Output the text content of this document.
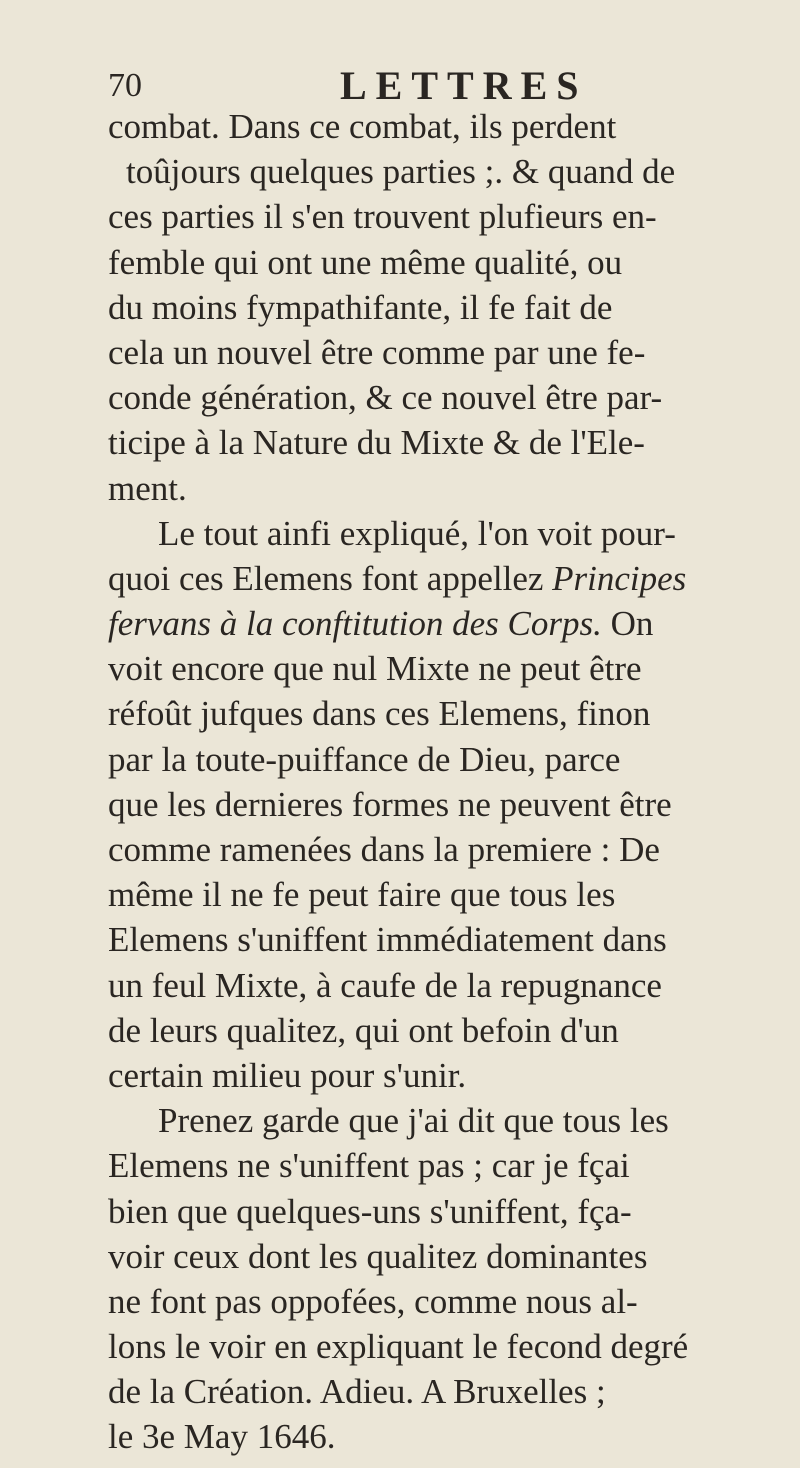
70	LETTRES
combat. Dans ce combat, ils perdent
toûjours quelques parties ;. & quand de
ces parties il s'en trouvent plufieurs en-
femble qui ont une même qualité, ou
du moins fympathifante, il fe fait de
cela un nouvel être comme par une fe-
conde génération, & ce nouvel être par-
ticipe à la Nature du Mixte & de l'Ele-
ment.
Le tout ainfi expliqué, l'on voit pour-
quoi ces Elemens font appellez Principes
fervans à la conftitution des Corps. On
voit encore que nul Mixte ne peut être
réfoût jufques dans ces Elemens, finon
par la toute-puiffance de Dieu, parce
que les dernieres formes ne peuvent être
comme ramenées dans la premiere : De
même il ne fe peut faire que tous les
Elemens s'uniffent immédiatement dans
un feul Mixte, à caufe de la repugnance
de leurs qualitez, qui ont befoin d'un
certain milieu pour s'unir.
Prenez garde que j'ai dit que tous les
Elemens ne s'uniffent pas ; car je fçai
bien que quelques-uns s'uniffent, fça-
voir ceux dont les qualitez dominantes
ne font pas oppofées, comme nous al-
lons le voir en expliquant le fecond degré
de la Création. Adieu. A Bruxelles ;
le 3e May 1646.
